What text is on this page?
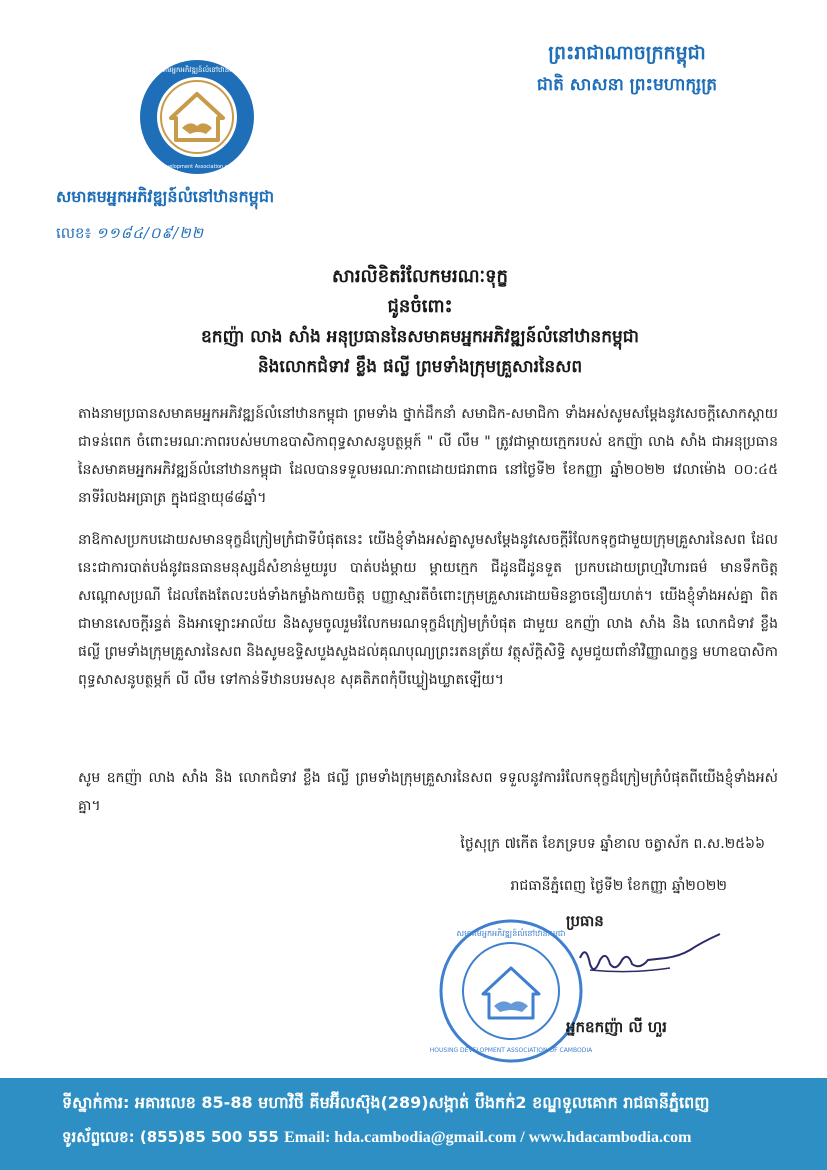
សមាគមអ្នកអភិវឌ្ឍន៍លំនៅឋានកម្ពុជា
Housing Development Association of Cambodia
ព្រះរាជាណាចក្រកម្ពុជា
ជាតិ សាសនា ព្រះមហាក្សត្រ
សមាគមអ្នកអភិវឌ្ឍន៍លំនៅឋានកម្ពុជា
លេខ៖ ១១៨៤/០៩/២២
សារលិខិតរំលែកមរណៈទុក្ខ
ជូនចំពោះ
ឧកញ៉ា លាង សាំង អនុប្រធាននៃសមាគមអ្នកអភិវឌ្ឍន៍លំនៅឋានកម្ពុជា
និងលោកជំទាវ ខ្លឹង ផល្លី ព្រមទាំងក្រុមគ្រួសារនៃសព
តាងនាមប្រធានសមាគមអ្នកអភិវឌ្ឍន៍លំនៅឋានកម្ពុជា ព្រមទាំង ថ្នាក់ដឹកនាំ សមាជិក-សមាជិកា ទាំងអស់សូមសម្តែងនូវសេចក្តីសោកស្តាយជាទន់ពេក ចំពោះមរណៈភាពរបស់មហាឧបាសិកាពុទ្ធសាសនូបត្ថម្ភក៍ " លី លឹម " ត្រូវជាម្តាយក្មេករបស់ ឧកញ៉ា លាង សាំង ជាអនុប្រធាននៃសមាគមអ្នកអភិវឌ្ឍន៍លំនៅឋានកម្ពុជា ដែលបានទទួលមរណៈភាពដោយជរាពាធ នៅថ្ងៃទី២ ខែកញ្ញា ឆ្នាំ២០២២ វេលាម៉ោង ០០:៤៥ នាទីរំលងអធ្រាត្រ ក្នុងជន្មាយុ៨៨ឆ្នាំ។
នាឱកាសប្រកបដោយសមានទុក្ខដ៏ក្រៀមក្រំជាទីបំផុតនេះ យើងខ្ញុំទាំងអស់គ្នាសូមសម្តែងនូវសេចក្តីរំលែកទុក្ខជាមួយក្រុមគ្រួសារនៃសព ដែលនេះជាការបាត់បង់នូវធនធានមនុស្សដ៏សំខាន់មួយរូប បាត់បង់ម្តាយ ម្តាយក្មេក ជីដូនជីដូនទួត ប្រកបដោយព្រហ្មវិហារធម៌ មានទឹកចិត្តសណ្តោសប្រណី ដែលតែងតែលះបង់ទាំងកម្លាំងកាយចិត្ត បញ្ញាស្មារតីចំពោះក្រុមគ្រួសារដោយមិនខ្លាចនឿយហត់។ យើងខ្ញុំទាំងអស់គ្នា ពិតជាមានសេចក្តីរន្ធត់ និងអាឡោះអាល័យ និងសូមចូលរួមរំលែកមរណទុក្ខដ៏ក្រៀមក្រំបំផុត ជាមួយ ឧកញ៉ា លាង សាំង និង លោកជំទាវ ខ្លឹង ផល្លី ព្រមទាំងក្រុមគ្រួសារនៃសព និងសូមឧទ្ទិសបួងសួងដល់គុណបុណ្យព្រះរតនត្រ័យ វត្ថុស័ក្តិសិទ្ធិ សូមជួយពាំនាំវិញ្ញាណក្ខន្ធ មហាឧបាសិកាពុទ្ធសាសនូបត្ថម្ភក៍ លី លឹម ទៅកាន់ទីឋានបរមសុខ សុគតិភពកុំបីឃ្លៀងឃ្លាតឡើយ។
សូម ឧកញ៉ា លាង សាំង និង លោកជំទាវ ខ្លឹង ផល្លី ព្រមទាំងក្រុមគ្រួសារនៃសព ទទួលនូវការរំលែកទុក្ខដ៏ក្រៀមក្រំបំផុតពីយើងខ្ញុំទាំងអស់គ្នា។
ថ្ងៃសុក្រ ៧កើត ខែភទ្របទ ឆ្នាំខាល ចត្វាស័ក ព.ស.២៥៦៦
រាជធានីភ្នំពេញ ថ្ងៃទី២ ខែកញ្ញា ឆ្នាំ២០២២
ប្រធាន
សមាគមអ្នកអភិវឌ្ឍន៍លំនៅឋានកម្ពុជា
HOUSING DEVELOPMENT ASSOCIATION OF CAMBODIA
អ្នកឧកញ៉ា លី ហួរ
ទីស្នាក់ការ: អគារលេខ 85-88 មហាវិថី គីមអ៊ីលស៊ុង(289)សង្កាត់ បឹងកក់2 ខណ្ឌទួលគោក រាជធានីភ្នំពេញ
ទូរស័ព្ទលេខ: (855)85 500 555 Email: hda.cambodia@gmail.com / www.hdacambodia.com
